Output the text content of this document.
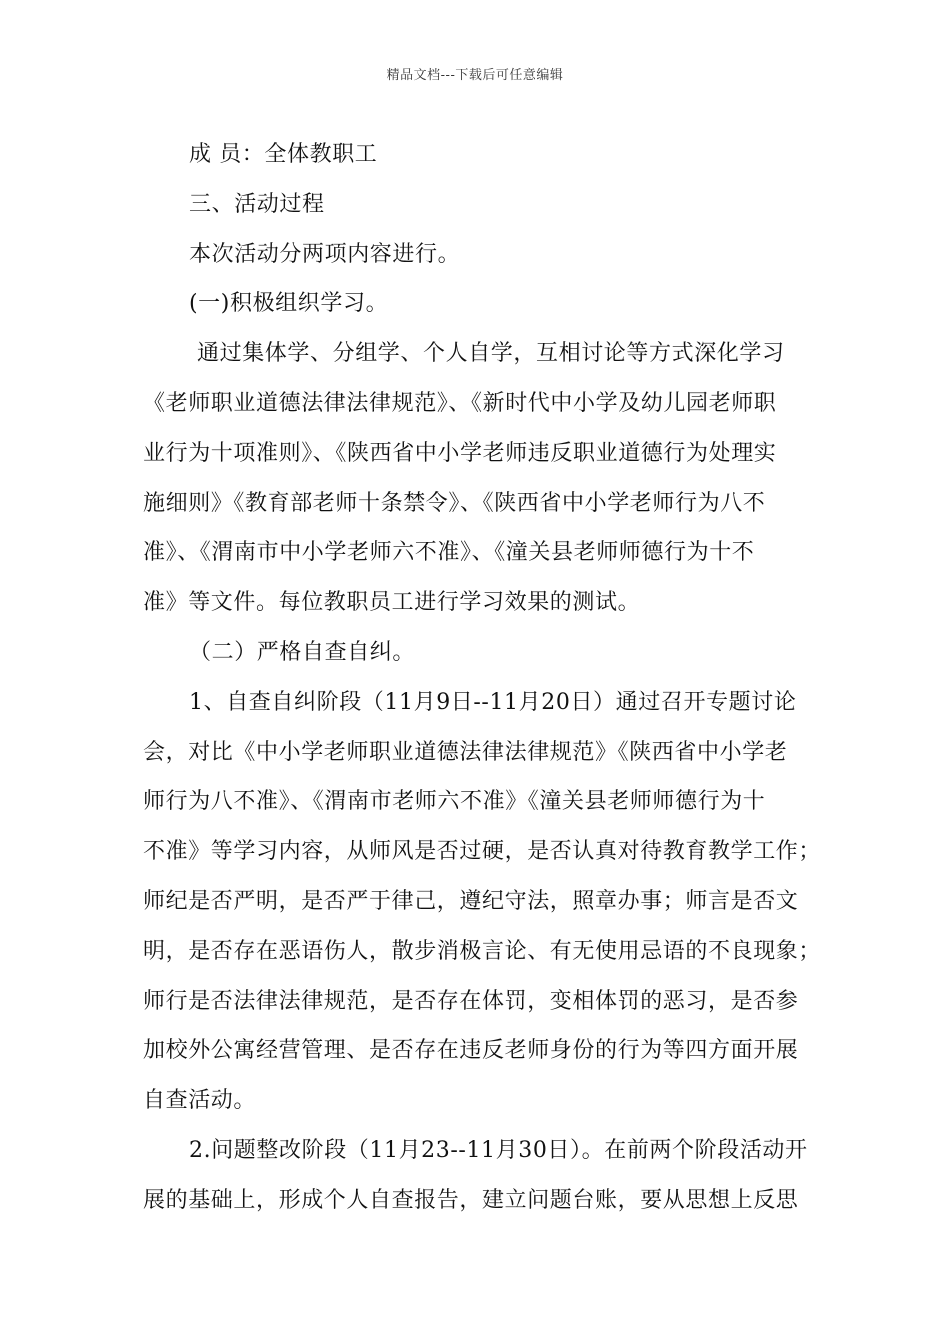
精品文档---下载后可任意编辑
成 员：全体教职工
三、活动过程
本次活动分两项内容进行。
(一)积极组织学习。
通过集体学、分组学、个人自学，互相讨论等方式深化学习
《老师职业道德法律法律规范》、《新时代中小学及幼儿园老师职
业行为十项准则》、《陕西省中小学老师违反职业道德行为处理实
施细则》《教育部老师十条禁令》、《陕西省中小学老师行为八不
准》、《渭南市中小学老师六不准》、《潼关县老师师德行为十不
准》等文件。每位教职员工进行学习效果的测试。
（二）严格自查自纠。
1、自查自纠阶段（11月9日--11月20日）通过召开专题讨论
会，对比《中小学老师职业道德法律法律规范》《陕西省中小学老
师行为八不准》、《渭南市老师六不准》《潼关县老师师德行为十
不准》等学习内容，从师风是否过硬，是否认真对待教育教学工作；
师纪是否严明，是否严于律己，遵纪守法，照章办事；师言是否文
明，是否存在恶语伤人，散步消极言论、有无使用忌语的不良现象；
师行是否法律法律规范，是否存在体罚，变相体罚的恶习，是否参
加校外公寓经营管理、是否存在违反老师身份的行为等四方面开展
自查活动。
2.问题整改阶段（11月23--11月30日）。在前两个阶段活动开
展的基础上，形成个人自查报告，建立问题台账，要从思想上反思
